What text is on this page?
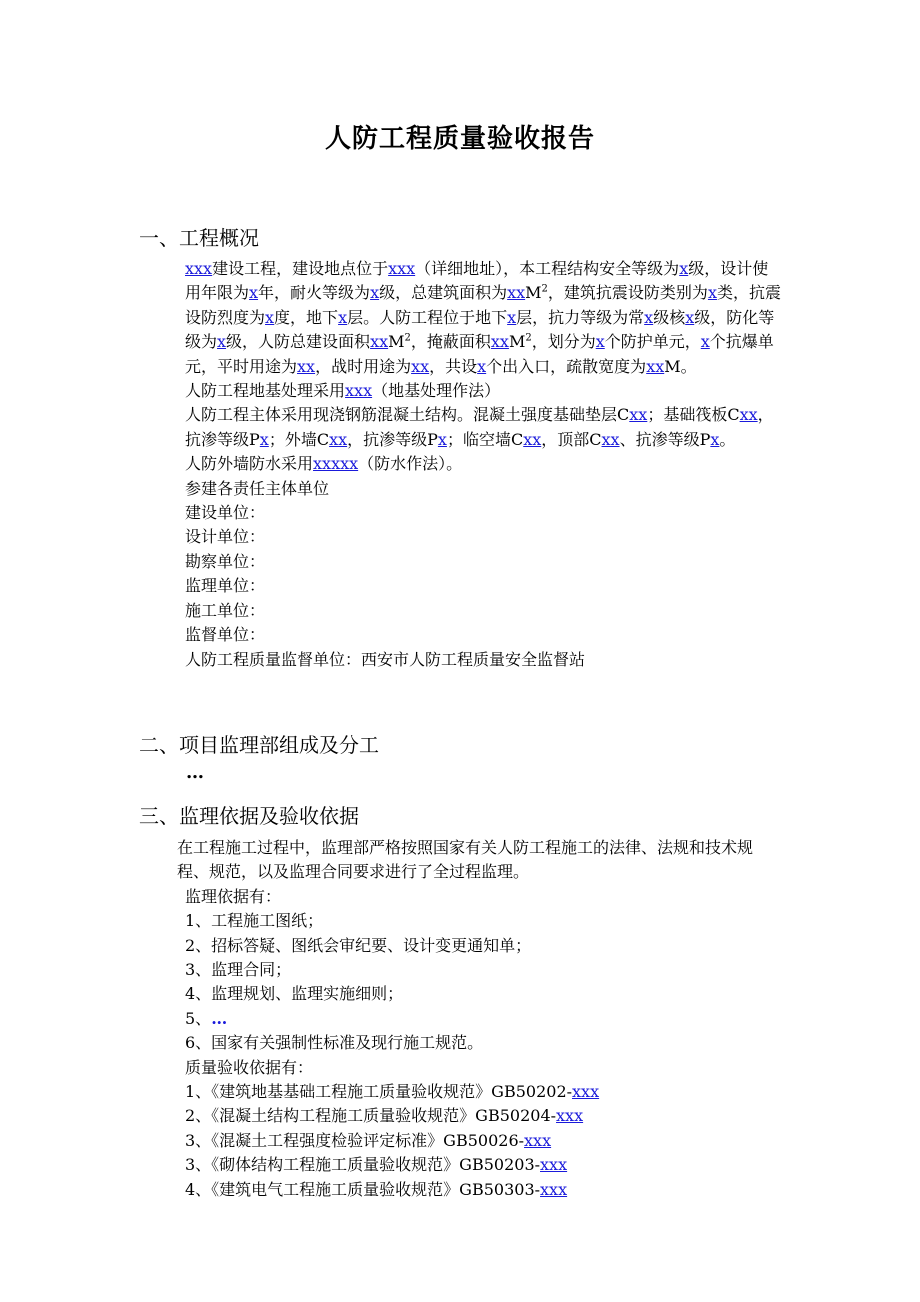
人防工程质量验收报告
一、工程概况

xxx建设工程，建设地点位于xxx（详细地址），本工程结构安全等级为x级，设计使用年限为x年，耐火等级为x级，总建筑面积为xxM$^2$，建筑抗震设防类别为x类，抗震设防烈度为x度，地下x层。人防工程位于地下x层，抗力等级为常x级核x级，防化等级为x级，人防总建设面积xxM$^2$，掩蔽面积xxM$^2$，划分为x个防护单元，x个抗爆单元，平时用途为xx，战时用途为xx，共设x个出入口，疏散宽度为xxM。

人防工程地基处理采用xxx（地基处理作法）

人防工程主体采用现浇钢筋混凝土结构。混凝土强度基础垫层Cxx；基础筏板Cxx，抗渗等级Px；外墙Cxx，抗渗等级Px；临空墙Cxx，顶部Cxx、抗渗等级Px。

人防外墙防水采用xxxxx（防水作法）。

参建各责任主体单位

建设单位：

设计单位：

勘察单位：

监理单位：

施工单位：

监督单位：

人防工程质量监督单位：西安市人防工程质量安全监督站

二、项目监理部组成及分工
…
三、监理依据及验收依据

在工程施工过程中，监理部严格按照国家有关人防工程施工的法律、法规和技术规程、规范，以及监理合同要求进行了全过程监理。

监理依据有：

1、工程施工图纸；

2、招标答疑、图纸会审纪要、设计变更通知单；

3、监理合同；

4、监理规划、监理实施细则；

5、…

6、国家有关强制性标准及现行施工规范。

质量验收依据有：

1、《建筑地基基础工程施工质量验收规范》GB50202-xxx

2、《混凝土结构工程施工质量验收规范》GB50204-xxx

3、《混凝土工程强度检验评定标准》GB50026-xxx

3、《砌体结构工程施工质量验收规范》GB50203-xxx

4、《建筑电气工程施工质量验收规范》GB50303-xxx
